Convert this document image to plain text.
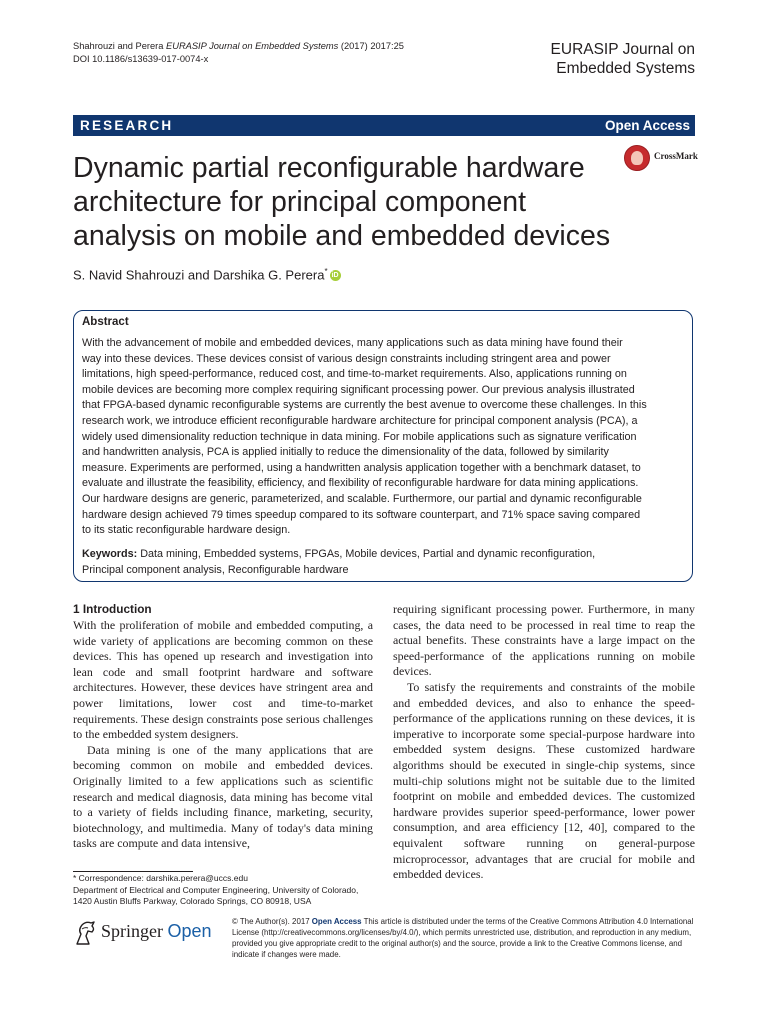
Shahrouzi and Perera EURASIP Journal on Embedded Systems (2017) 2017:25
DOI 10.1186/s13639-017-0074-x
EURASIP Journal on
Embedded Systems
RESEARCH	Open Access
Dynamic partial reconfigurable hardware
architecture for principal component
analysis on mobile and embedded devices
CrossMark
S. Navid Shahrouzi and Darshika G. Perera* iD
Abstract
With the advancement of mobile and embedded devices, many applications such as data mining have found their
way into these devices. These devices consist of various design constraints including stringent area and power
limitations, high speed-performance, reduced cost, and time-to-market requirements. Also, applications running on
mobile devices are becoming more complex requiring significant processing power. Our previous analysis illustrated
that FPGA-based dynamic reconfigurable systems are currently the best avenue to overcome these challenges. In this
research work, we introduce efficient reconfigurable hardware architecture for principal component analysis (PCA), a
widely used dimensionality reduction technique in data mining. For mobile applications such as signature verification
and handwritten analysis, PCA is applied initially to reduce the dimensionality of the data, followed by similarity
measure. Experiments are performed, using a handwritten analysis application together with a benchmark dataset, to
evaluate and illustrate the feasibility, efficiency, and flexibility of reconfigurable hardware for data mining applications.
Our hardware designs are generic, parameterized, and scalable. Furthermore, our partial and dynamic reconfigurable
hardware design achieved 79 times speedup compared to its software counterpart, and 71% space saving compared
to its static reconfigurable hardware design.
Keywords: Data mining, Embedded systems, FPGAs, Mobile devices, Partial and dynamic reconfiguration,
Principal component analysis, Reconfigurable hardware
1 Introduction

With the proliferation of mobile and embedded computing, a wide variety of applications are becoming common on these devices. This has opened up research and investigation into lean code and small footprint hardware and software architectures. However, these devices have stringent area and power limitations, lower cost and time-to-market requirements. These design constraints pose serious challenges to the embedded system designers.

Data mining is one of the many applications that are becoming common on mobile and embedded devices. Originally limited to a few applications such as scientific research and medical diagnosis, data mining has become vital to a variety of fields including finance, marketing, security, biotechnology, and multimedia. Many of today's data mining tasks are compute and data intensive,

requiring significant processing power. Furthermore, in many cases, the data need to be processed in real time to reap the actual benefits. These constraints have a large impact on the speed-performance of the applications running on mobile devices.

To satisfy the requirements and constraints of the mobile and embedded devices, and also to enhance the speed-performance of the applications running on these devices, it is imperative to incorporate some special-purpose hardware into embedded system designs. These customized hardware algorithms should be executed in single-chip systems, since multi-chip solutions might not be suitable due to the limited footprint on mobile and embedded devices. The customized hardware provides superior speed-performance, lower power consumption, and area efficiency [12, 40], compared to the equivalent software running on general-purpose microprocessor, advantages that are crucial for mobile and embedded devices.

* Correspondence: darshika.perera@uccs.edu
Department of Electrical and Computer Engineering, University of Colorado,
1420 Austin Bluffs Parkway, Colorado Springs, CO 80918, USA
Springer Open	© The Author(s). 2017 Open Access This article is distributed under the terms of the Creative Commons Attribution 4.0 International License (http://creativecommons.org/licenses/by/4.0/), which permits unrestricted use, distribution, and reproduction in any medium, provided you give appropriate credit to the original author(s) and the source, provide a link to the Creative Commons license, and indicate if changes were made.
